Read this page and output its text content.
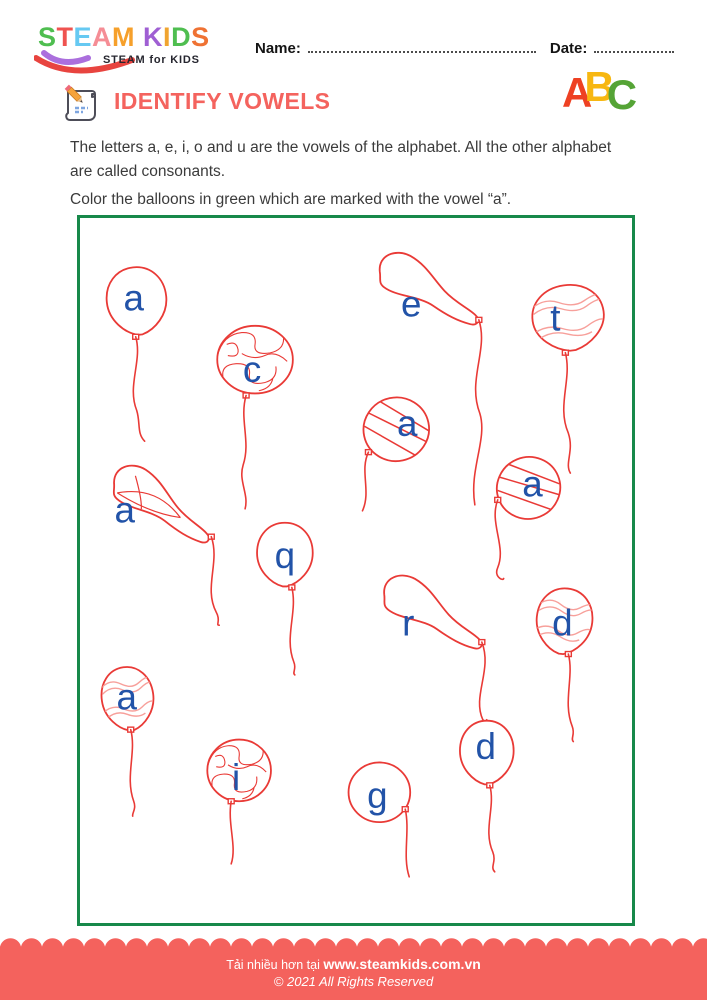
STEAM KIDS
STEAM for KIDS
Name:	Date:
IDENTIFY VOWELS	A
B
C

The letters a, e, i, o and u are the vowels of the alphabet. All the other alphabet are called consonants.

Color the balloons in green which are marked with the vowel “a”.

a
c
e	t
a
a
a
q
r	d
a
i	g
d
Tải nhiều hơn tại www.steamkids.com.vn
© 2021 All Rights Reserved
